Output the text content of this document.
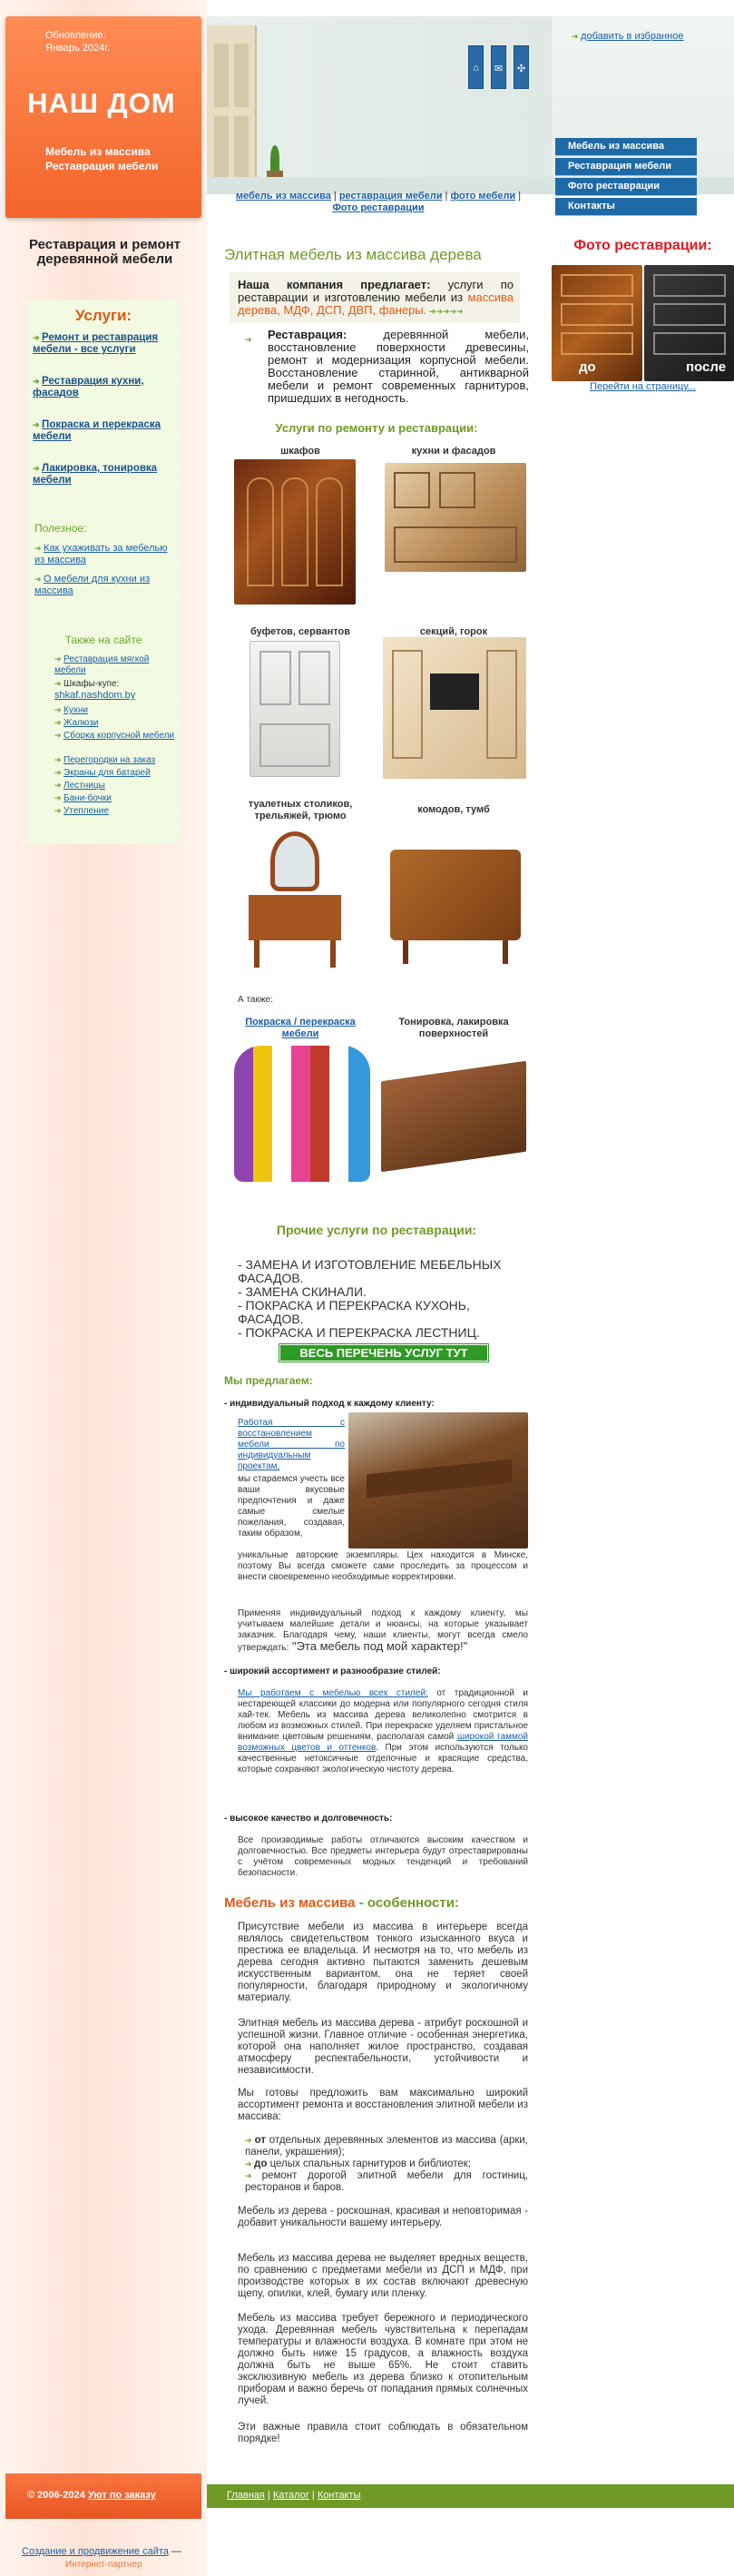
Обновление:
Январь 2024г.
НАШ ДОМ
Мебель из массива
Реставрация мебели
Реставрация и ремонт деревянной мебели
Услуги:
➔ Ремонт и реставрация мебели - все услуги
➔ Реставрация кухни, фасадов
➔ Покраска и перекраска мебели
➔ Лакировка, тонировка мебели
Полезное:
➔ Как ухаживать за мебелью из массива
➔ О мебели для кухни из массива
Также на сайте
➔ Реставрация мягкой мебели
➔ Шкафы-купе:
shkaf.nashdom.by
➔ Кухни
➔ Жалюзи
➔ Сборка корпусной мебели
➔ Перегородки на заказ
➔ Экраны для батарей
➔ Лестницы
➔ Бани-бочки
➔ Утепление
⌂	✉	✣
➔ добавить в избранное
Мебель из массива
Реставрация мебели
Фото реставрации
Контакты
мебель из массива | реставрация мебели | фото мебели |
Фото реставрации
Элитная мебель из массива дерева
Наша компания предлагает: услуги по реставрации и изготовлению мебели из массива дерева, МДФ, ДСП, ДВП, фанеры. ➔➔➔➔➔
➔ Реставрация: деревянной мебели, восстановление поверхности древесины, ремонт и модернизация корпусной мебели. Восстановление старинной, антикварной мебели и ремонт современных гарнитуров, пришедших в негодность.
Услуги по ремонту и реставрации:
шкафов	кухни и фасадов
буфетов, сервантов	секций, горок
туалетных столиков, трельяжей, трюмо
комодов, тумб
А также:
Покраска / перекраска мебели
Тонировка, лакировка поверхностей
Прочие услуги по реставрации:
- ЗАМЕНА И ИЗГОТОВЛЕНИЕ МЕБЕЛЬНЫХ ФАСАДОВ.
- ЗАМЕНА СКИНАЛИ.
- ПОКРАСКА И ПЕРЕКРАСКА КУХОНЬ, ФАСАДОВ.
- ПОКРАСКА И ПЕРЕКРАСКА ЛЕСТНИЦ.
ВЕСЬ ПЕРЕЧЕНЬ УСЛУГ ТУТ
Мы предлагаем:
- индивидуальный подход к каждому клиенту:
Работая с восстановлением мебели по индивидуальным проектам,
мы стараемся учесть все ваши вкусовые предпочтения и даже самые смелые пожелания, создавая, таким образом,
уникальные авторские экземпляры. Цех находится в Минске, поэтому Вы всегда сможете сами проследить за процессом и внести своевременно необходимые корректировки.
Применяя индивидуальный подход к каждому клиенту, мы учитываем малейшие детали и нюансы, на которые указывает заказчик. Благодаря чему, наши клиенты, могут всегда смело утверждать: "Эта мебель под мой характер!"
- широкий ассортимент и разнообразие стилей:
Мы работаем с мебелью всех стилей: от традиционной и нестареющей классики до модерна или популярного сегодня стиля хай-тек. Мебель из массива дерева великолепно смотрится в любом из возможных стилей. При перекраске уделяем пристальное внимание цветовым решениям, располагая самой широкой гаммой возможных цветов и оттенков. При этом используются только качественные нетоксичные отделочные и красящие средства, которые сохраняют экологическую чистоту дерева.
- высокое качество и долговечность:
Все производимые работы отличаются высоким качеством и долговечностью. Все предметы интерьера будут отреставрированы с учётом современных модных тенденций и требований безопасности.
Мебель из массива - особенности:
Присутствие мебели из массива в интерьере всегда являлось свидетельством тонкого изысканного вкуса и престижа ее владельца. И несмотря на то, что мебель из дерева сегодня активно пытаются заменить дешевым искусственным вариантом, она не теряет своей популярности, благодаря природному и экологичному материалу.
Элитная мебель из массива дерева - атрибут роскошной и успешной жизни. Главное отличие - особенная энергетика, которой она наполняет жилое пространство, создавая атмосферу респектабельности, устойчивости и независимости.
Мы готовы предложить вам максимально широкий ассортимент ремонта и восстановления элитной мебели из массива:
➔ от отдельных деревянных элементов из массива (арки, панели, украшения);
➔ до целых спальных гарнитуров и библиотек;
➔ ремонт дорогой элитной мебели для гостиниц, ресторанов и баров.
Мебель из дерева - роскошная, красивая и неповторимая - добавит уникальности вашему интерьеру.
Мебель из массива дерева не выделяет вредных веществ, по сравнению с предметами мебели из ДСП и МДФ, при производстве которых в их состав включают древесную щепу, опилки, клей, бумагу или пленку.
Мебель из массива требует бережного и периодического ухода. Деревянная мебель чувствительна к перепадам температуры и влажности воздуха. В комнате при этом не должно быть ниже 15 градусов, а влажность воздуха должна быть не выше 65%. Не стоит ставить эксклюзивную мебель из дерева близко к отопительным приборам и важно беречь от попадания прямых солнечных лучей.
Эти важные правила стоит соблюдать в обязательном порядке!
Фото реставрации:
до	после
Перейти на страницу...
© 2006-2024 Уют по заказу	Главная | Каталог | Контакты
Создание и продвижение сайта —
Интернет-партнер
